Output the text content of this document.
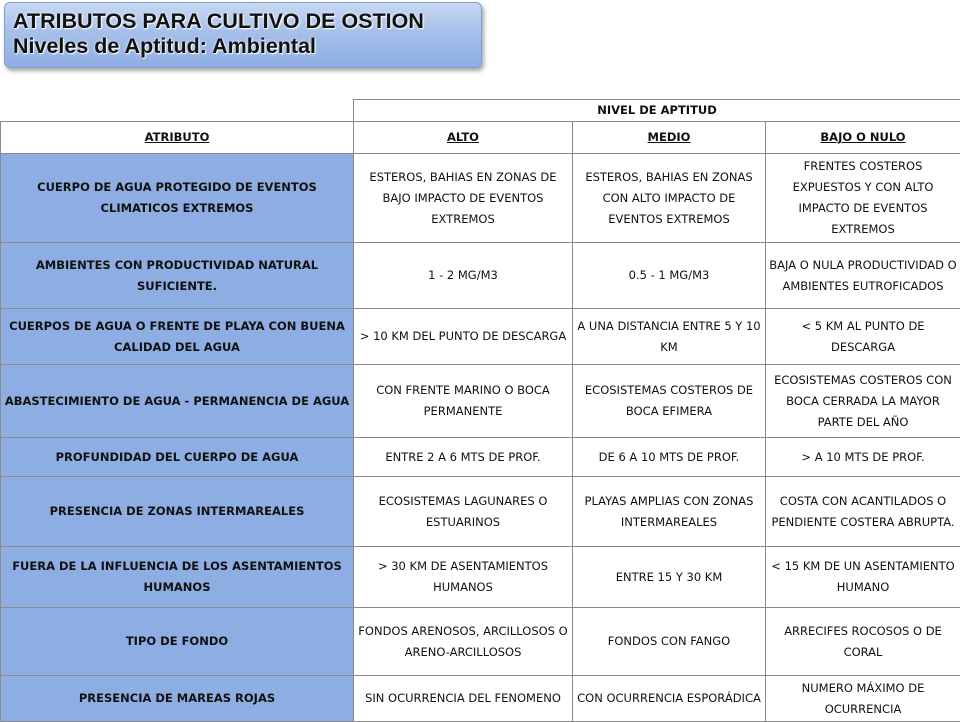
ATRIBUTOS PARA CULTIVO DE OSTION
Niveles de Aptitud: Ambiental
	NIVEL DE APTITUD		
ATRIBUTO	ALTO	MEDIO	BAJO O NULO
CUERPO DE AGUA PROTEGIDO DE EVENTOS CLIMATICOS EXTREMOS	ESTEROS, BAHIAS EN ZONAS DE BAJO IMPACTO DE EVENTOS EXTREMOS	ESTEROS, BAHIAS EN ZONAS CON ALTO IMPACTO DE EVENTOS EXTREMOS	FRENTES COSTEROS EXPUESTOS Y CON ALTO IMPACTO DE EVENTOS EXTREMOS
AMBIENTES CON PRODUCTIVIDAD NATURAL SUFICIENTE.	1 - 2 MG/M3	0.5 - 1 MG/M3	BAJA O NULA PRODUCTIVIDAD O AMBIENTES EUTROFICADOS
CUERPOS DE AGUA O FRENTE DE PLAYA CON BUENA CALIDAD DEL AGUA	> 10 KM DEL PUNTO DE DESCARGA	A UNA DISTANCIA ENTRE 5 Y 10 KM	< 5 KM AL PUNTO DE DESCARGA
ABASTECIMIENTO DE AGUA - PERMANENCIA DE AGUA	CON FRENTE MARINO O BOCA PERMANENTE	ECOSISTEMAS COSTEROS DE BOCA EFIMERA	ECOSISTEMAS COSTEROS CON BOCA CERRADA LA MAYOR PARTE DEL AÑO
PROFUNDIDAD DEL CUERPO DE AGUA	ENTRE 2 A 6 MTS DE PROF.	DE 6 A 10 MTS DE PROF.	> A 10 MTS DE PROF.
PRESENCIA DE ZONAS INTERMAREALES	ECOSISTEMAS LAGUNARES O ESTUARINOS	PLAYAS AMPLIAS CON ZONAS INTERMAREALES	COSTA CON ACANTILADOS O PENDIENTE COSTERA ABRUPTA.
FUERA DE LA INFLUENCIA DE LOS ASENTAMIENTOS HUMANOS	> 30 KM DE ASENTAMIENTOS HUMANOS	ENTRE 15 Y 30 KM	< 15 KM DE UN ASENTAMIENTO HUMANO
TIPO DE FONDO	FONDOS ARENOSOS, ARCILLOSOS O ARENO-ARCILLOSOS	FONDOS CON FANGO	ARRECIFES ROCOSOS O DE CORAL
PRESENCIA DE MAREAS ROJAS	SIN OCURRENCIA DEL FENOMENO	CON OCURRENCIA ESPORÁDICA	NUMERO MÁXIMO DE OCURRENCIA
